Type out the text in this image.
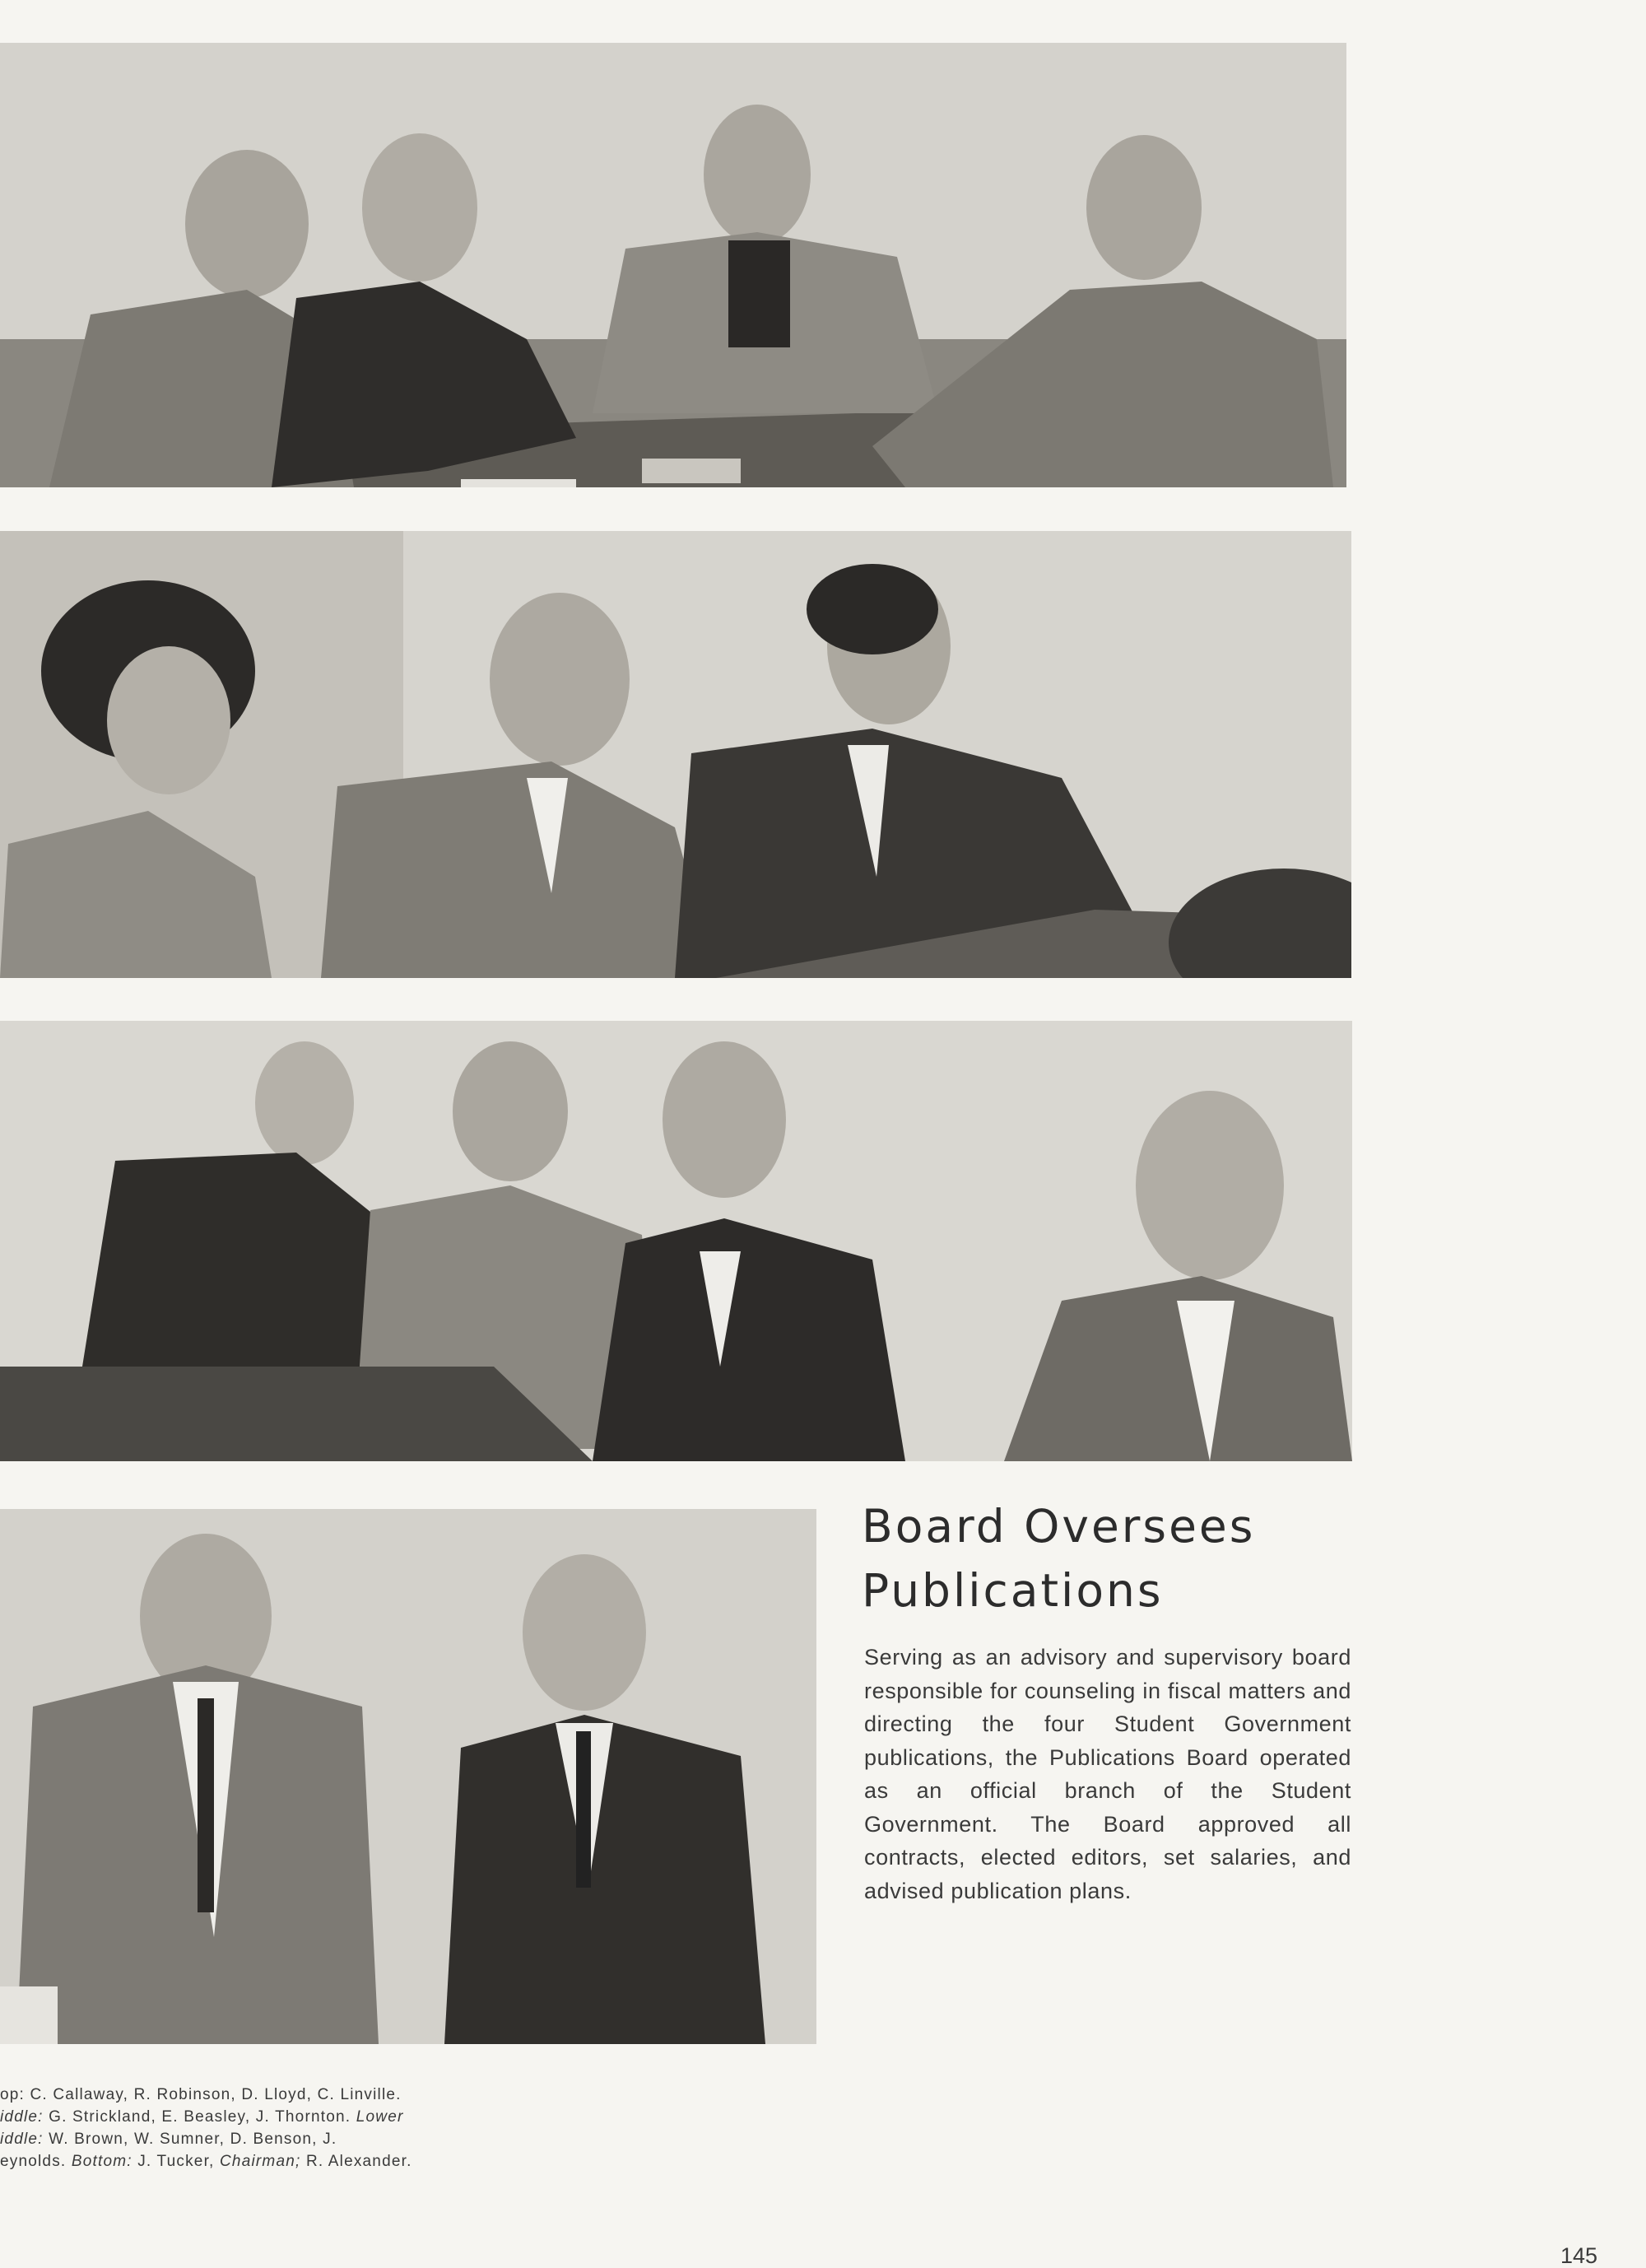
Board Oversees
Publications

Serving as an advisory and supervisory board responsible for counseling in fiscal matters and directing the four Student Government publications, the Publications Board operated as an official branch of the Student Government. The Board approved all contracts, elected editors, set salaries, and advised publication plans.

op: C. Callaway, R. Robinson, D. Lloyd, C. Linville.
iddle: G. Strickland, E. Beasley, J. Thornton. Lower
iddle: W. Brown, W. Sumner, D. Benson, J.
eynolds. Bottom: J. Tucker, Chairman; R. Alexander.

145
